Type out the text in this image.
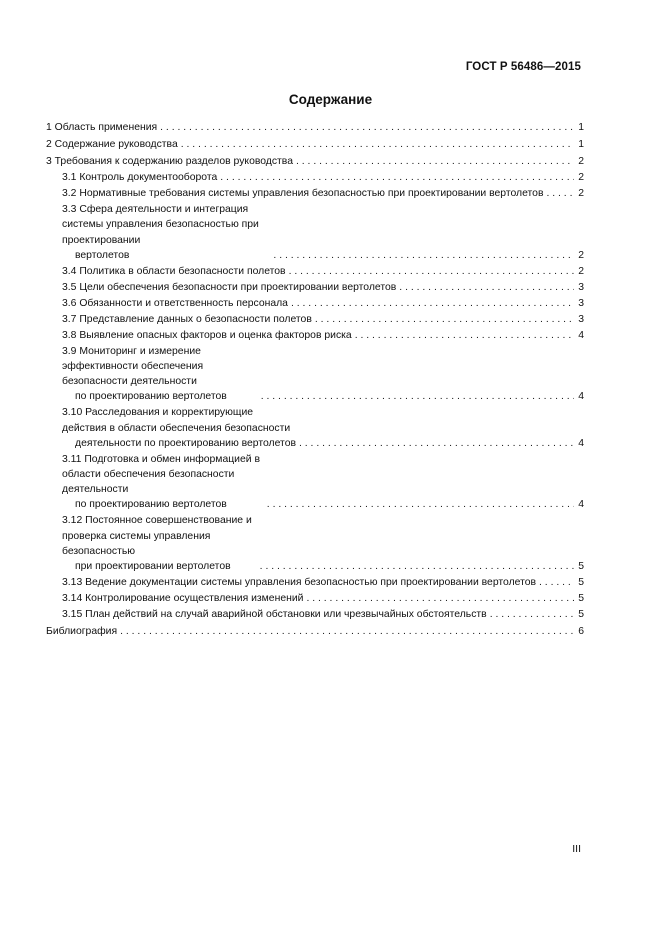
ГОСТ Р 56486—2015
Содержание
1 Область применения . . .	1
2 Содержание руководства . . .	1
3 Требования к содержанию разделов руководства . . .	2
3.1 Контроль документооборота . . .	2
3.2 Нормативные требования системы управления безопасностью при проектировании вертолетов . . .	2
3.3 Сфера деятельности и интеграция системы управления безопасностью при проектировании
вертолетов . . .	2
3.4 Политика в области безопасности полетов . . .	2
3.5 Цели обеспечения безопасности при проектировании вертолетов . . .	3
3.6 Обязанности и ответственность персонала . . .	3
3.7 Представление данных о безопасности полетов . . .	3
3.8 Выявление опасных факторов и оценка факторов риска . . .	4
3.9 Мониторинг и измерение эффективности обеспечения безопасности деятельности
по проектированию вертолетов . . .	4
3.10 Расследования и корректирующие действия в области обеспечения безопасности
деятельности по проектированию вертолетов . . .	4
3.11 Подготовка и обмен информацией в области обеспечения безопасности деятельности
по проектированию вертолетов . . .	4
3.12 Постоянное совершенствование и проверка системы управления безопасностью
при проектировании вертолетов . . .	5
3.13 Ведение документации системы управления безопасностью при проектировании вертолетов . . .	5
3.14 Контролирование осуществления изменений . . .	5
3.15 План действий на случай аварийной обстановки или чрезвычайных обстоятельств . . .	5
Библиография . . .	6
III
